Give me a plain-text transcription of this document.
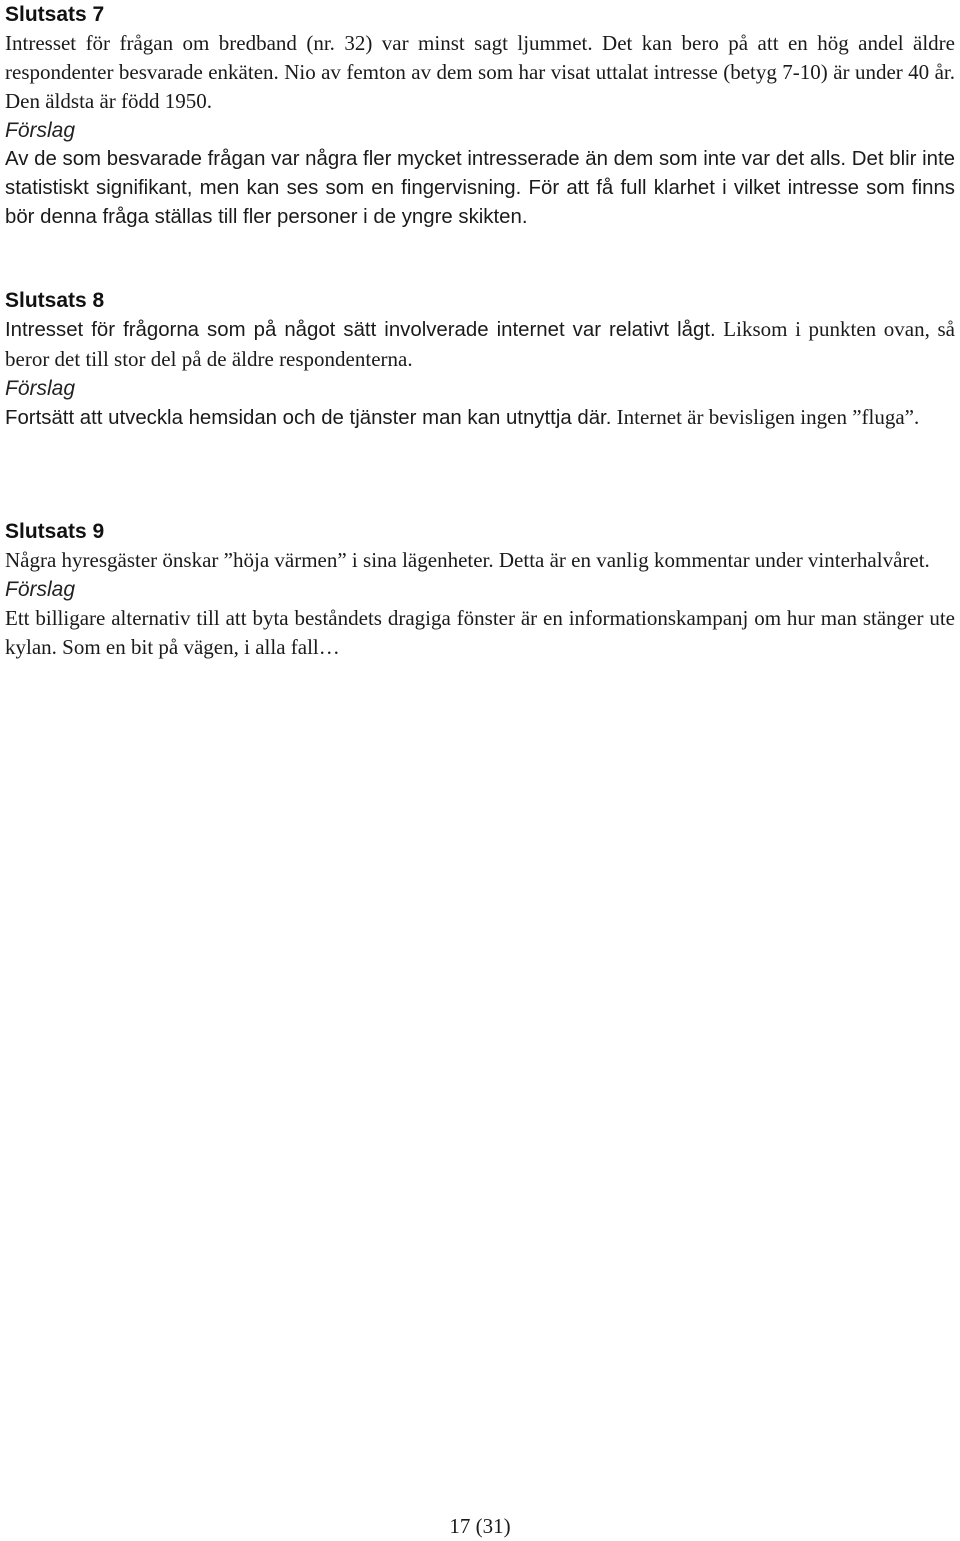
Slutsats 7

Intresset för frågan om bredband (nr. 32) var minst sagt ljummet. Det kan bero på att en hög andel äldre respondenter besvarade enkäten. Nio av femton av dem som har visat uttalat intresse (betyg 7-10) är under 40 år. Den äldsta är född 1950.

Förslag

Av de som besvarade frågan var några fler mycket intresserade än dem som inte var det alls. Det blir inte statistiskt signifikant, men kan ses som en fingervisning. För att få full klarhet i vilket intresse som finns bör denna fråga ställas till fler personer i de yngre skikten.

Slutsats 8

Intresset för frågorna som på något sätt involverade internet var relativt lågt. Liksom i punkten ovan, så beror det till stor del på de äldre respondenterna.

Förslag

Fortsätt att utveckla hemsidan och de tjänster man kan utnyttja där. Internet är bevisligen ingen ”fluga”.

Slutsats 9

Några hyresgäster önskar ”höja värmen” i sina lägenheter. Detta är en vanlig kommentar under vinterhalvåret.

Förslag

Ett billigare alternativ till att byta beståndets dragiga fönster är en informationskampanj om hur man stänger ute kylan. Som en bit på vägen, i alla fall…

17 (31)
